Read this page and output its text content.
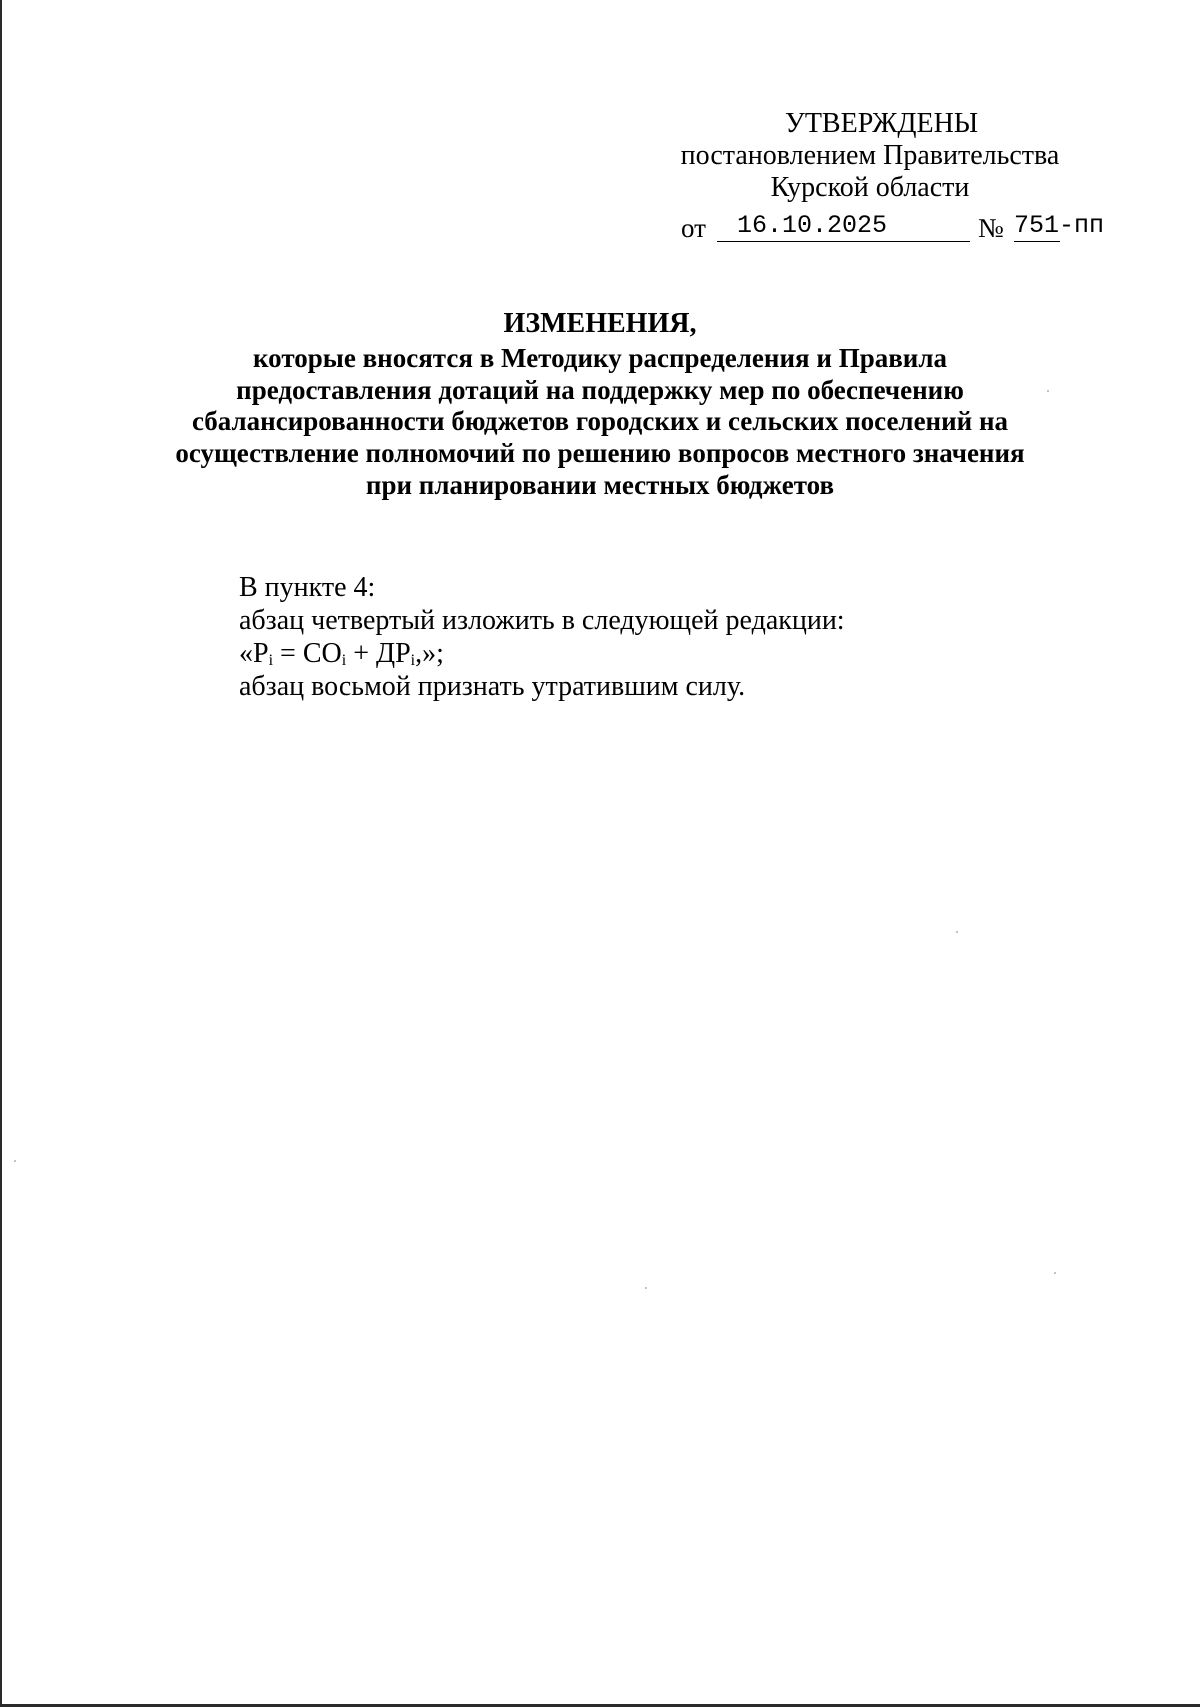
УТВЕРЖДЕНЫ
постановлением Правительства
Курской области
от	16.10.2025	№ 751-пп
ИЗМЕНЕНИЯ,
которые вносятся в Методику распределения и Правила
предоставления дотаций на поддержку мер по обеспечению
сбалансированности бюджетов городских и сельских поселений на
осуществление полномочий по решению вопросов местного значения
при планировании местных бюджетов
В пункте 4:
абзац четвертый изложить в следующей редакции:
«$Р_i = СО_i + ДР_i$,»;
абзац восьмой признать утратившим силу.
